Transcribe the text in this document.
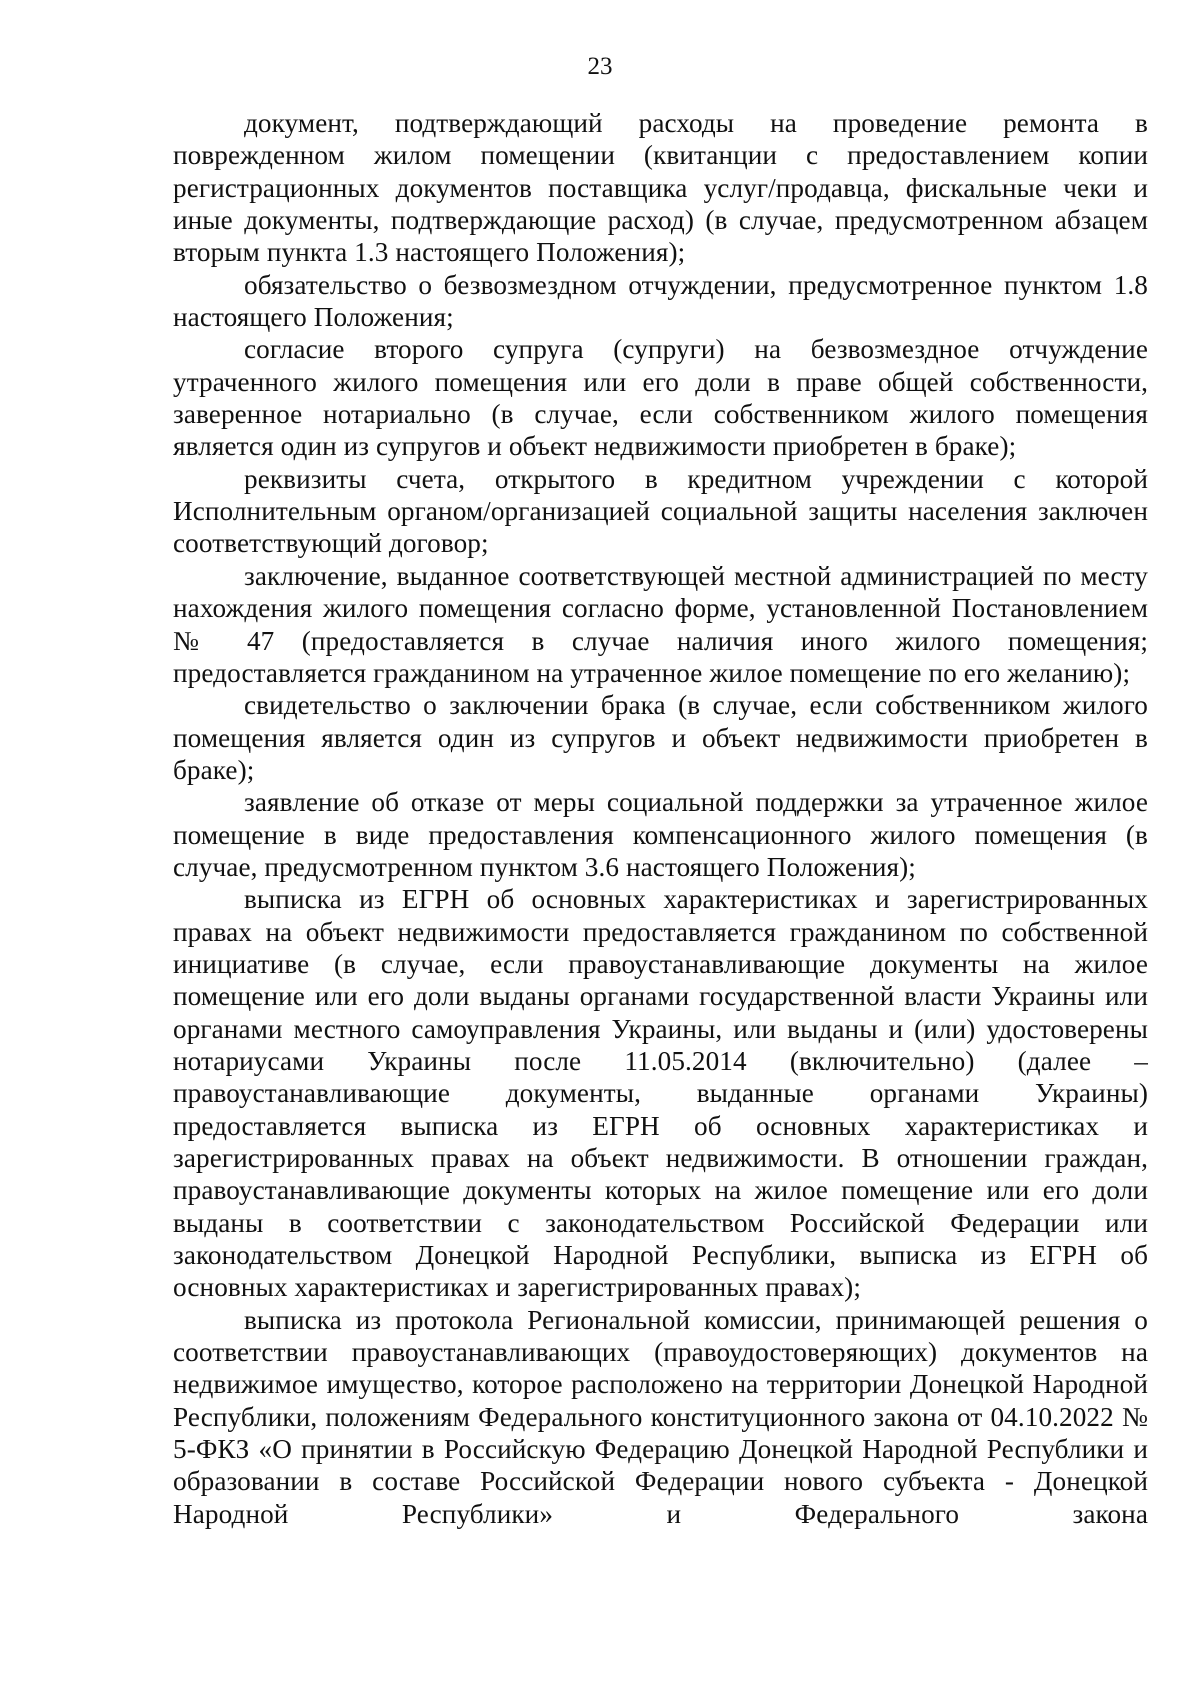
23

документ, подтверждающий расходы на проведение ремонта в поврежденном жилом помещении (квитанции с предоставлением копии регистрационных документов поставщика услуг/продавца, фискальные чеки и иные документы, подтверждающие расход) (в случае, предусмотренном абзацем вторым пункта 1.3 настоящего Положения);

обязательство о безвозмездном отчуждении, предусмотренное пунктом 1.8 настоящего Положения;

согласие второго супруга (супруги) на безвозмездное отчуждение утраченного жилого помещения или его доли в праве общей собственности, заверенное нотариально (в случае, если собственником жилого помещения является один из супругов и объект недвижимости приобретен в браке);

реквизиты счета, открытого в кредитном учреждении с которой Исполнительным органом/организацией социальной защиты населения заключен соответствующий договор;

заключение, выданное соответствующей местной администрацией по месту нахождения жилого помещения согласно форме, установленной Постановлением № 47 (предоставляется в случае наличия иного жилого помещения; предоставляется гражданином на утраченное жилое помещение по его желанию);

свидетельство о заключении брака (в случае, если собственником жилого помещения является один из супругов и объект недвижимости приобретен в браке);

заявление об отказе от меры социальной поддержки за утраченное жилое помещение в виде предоставления компенсационного жилого помещения (в случае, предусмотренном пунктом 3.6 настоящего Положения);

выписка из ЕГРН об основных характеристиках и зарегистрированных правах на объект недвижимости предоставляется гражданином по собственной инициативе (в случае, если правоустанавливающие документы на жилое помещение или его доли выданы органами государственной власти Украины или органами местного самоуправления Украины, или выданы и (или) удостоверены нотариусами Украины после 11.05.2014 (включительно) (далее – правоустанавливающие документы, выданные органами Украины) предоставляется выписка из ЕГРН об основных характеристиках и зарегистрированных правах на объект недвижимости. В отношении граждан, правоустанавливающие документы которых на жилое помещение или его доли выданы в соответствии с законодательством Российской Федерации или законодательством Донецкой Народной Республики, выписка из ЕГРН об основных характеристиках и зарегистрированных правах);

выписка из протокола Региональной комиссии, принимающей решения о соответствии правоустанавливающих (правоудостоверяющих) документов на недвижимое имущество, которое расположено на территории Донецкой Народной Республики, положениям Федерального конституционного закона от 04.10.2022 № 5-ФКЗ «О принятии в Российскую Федерацию Донецкой Народной Республики и образовании в составе Российской Федерации нового субъекта - Донецкой Народной Республики» и Федерального закона
